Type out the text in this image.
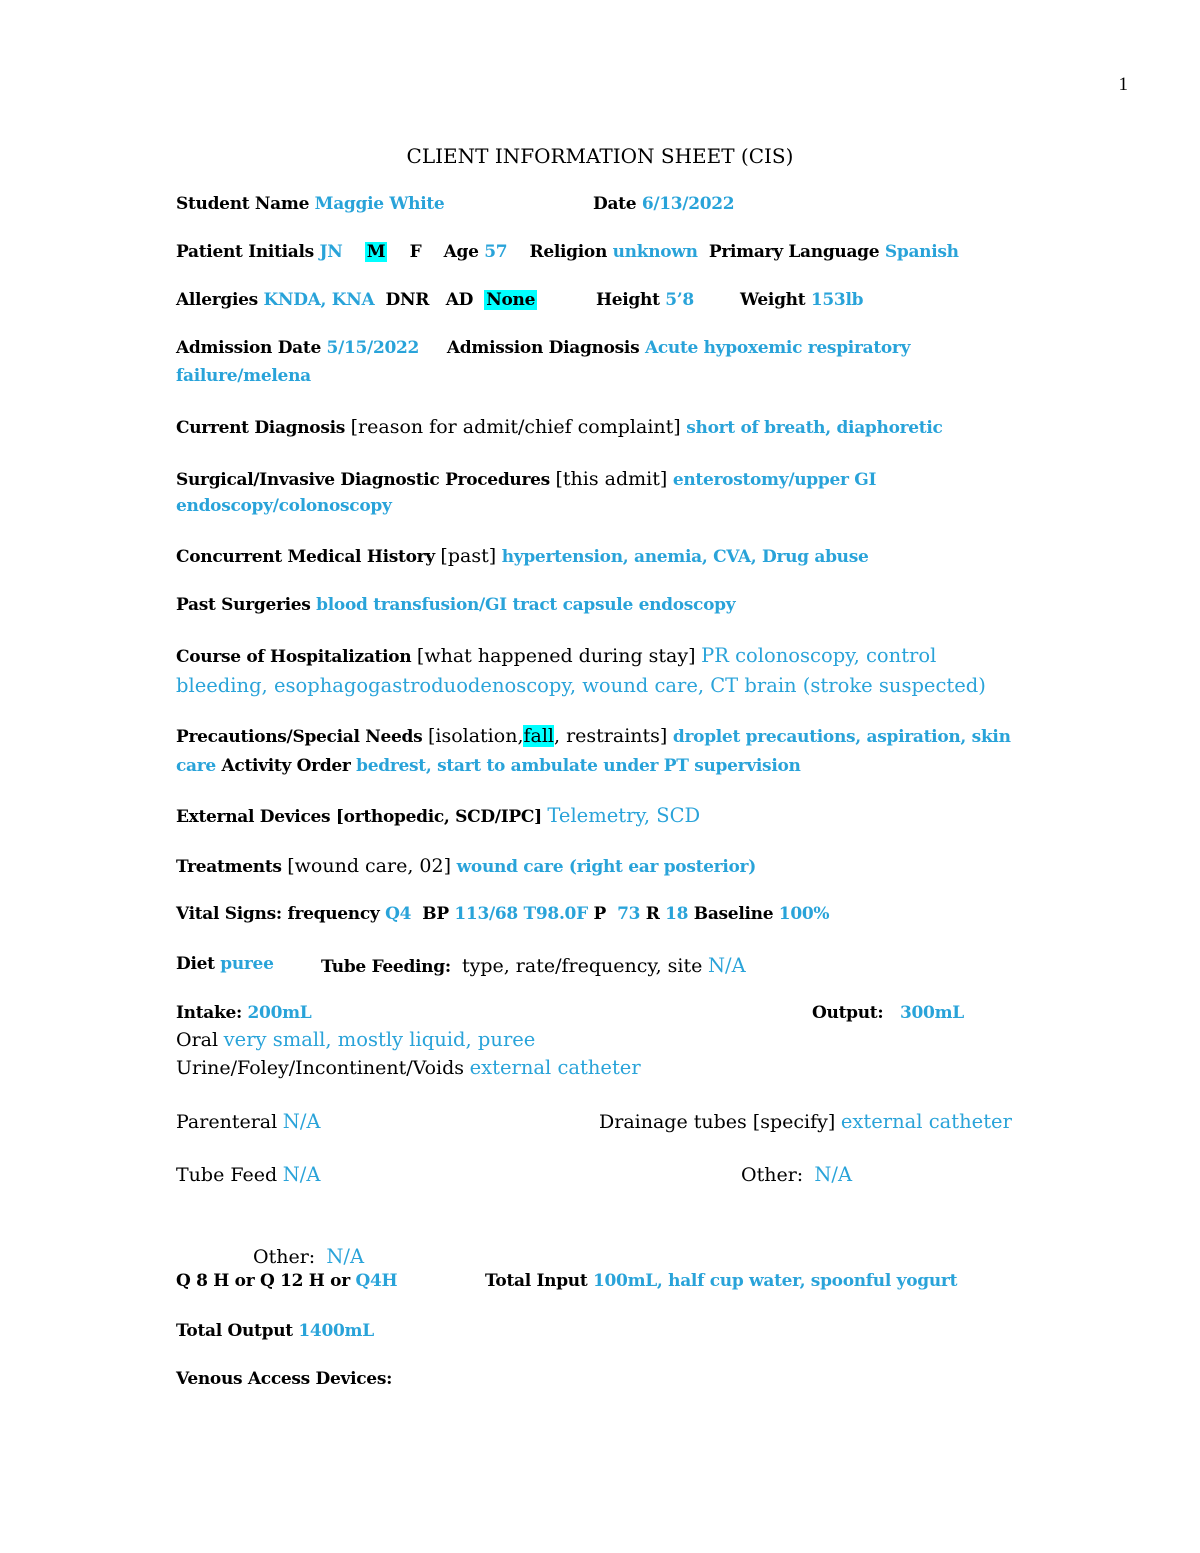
1
CLIENT INFORMATION SHEET (CIS)
Student Name Maggie White	Date 6/13/2022
Patient Initials JN M F Age 57 Religion unknown Primary Language Spanish
Allergies KNDA, KNA DNR AD None	Height 5’8	Weight 153lb
Admission Date 5/15/2022 Admission Diagnosis Acute hypoxemic respiratory
failure/melena
Current Diagnosis [reason for admit/chief complaint] short of breath, diaphoretic
Surgical/Invasive Diagnostic Procedures [this admit] enterostomy/upper GI
endoscopy/colonoscopy
Concurrent Medical History [past] hypertension, anemia, CVA, Drug abuse
Past Surgeries blood transfusion/GI tract capsule endoscopy
Course of Hospitalization [what happened during stay] PR colonoscopy, control
bleeding, esophagogastroduodenoscopy, wound care, CT brain (stroke suspected)
Precautions/Special Needs [isolation,fall, restraints] droplet precautions, aspiration, skin
care Activity Order bedrest, start to ambulate under PT supervision
External Devices [orthopedic, SCD/IPC] Telemetry, SCD
Treatments [wound care, 02] wound care (right ear posterior)
Vital Signs: frequency Q4 BP 113/68 T98.0F P 73 R 18 Baseline 100%
Diet puree	Tube Feeding: type, rate/frequency, site N/A
Intake: 200mL	Output: 300mL
Oral very small, mostly liquid, puree
Urine/Foley/Incontinent/Voids external catheter
Parenteral N/A	Drainage tubes [specify] external catheter
Tube Feed N/A	Other: N/A
Other: N/A
Q 8 H or Q 12 H or Q4H	Total Input 100mL, half cup water, spoonful yogurt
Total Output 1400mL
Venous Access Devices:
